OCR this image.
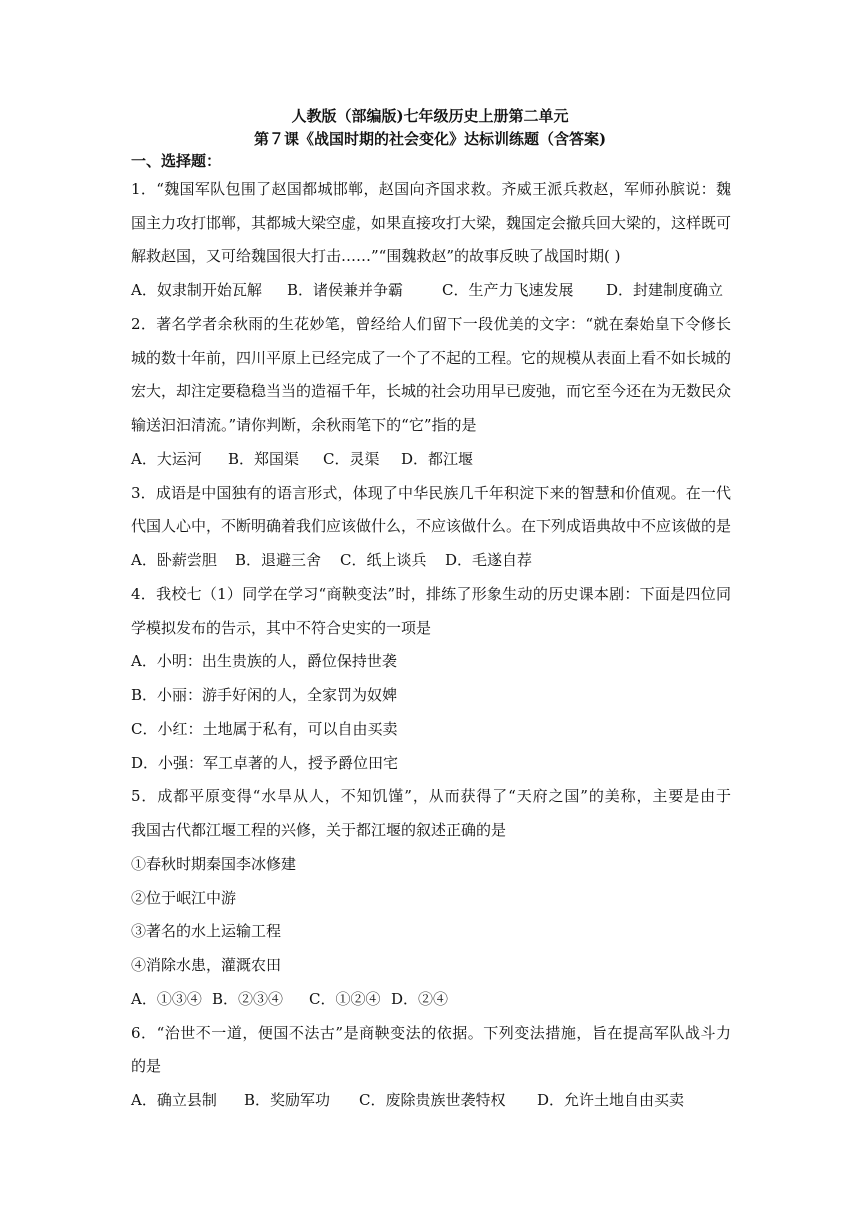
人教版（部编版)七年级历史上册第二单元
第７课《战国时期的社会变化》达标训练题（含答案)
一、选择题：
1．“魏国军队包围了赵国都城邯郸，赵国向齐国求救。齐威王派兵救赵，军师孙膑说：魏
国主力攻打邯郸，其都城大梁空虚，如果直接攻打大梁，魏国定会撤兵回大梁的，这样既可
解救赵国，又可给魏国很大打击……”“围魏救赵”的故事反映了战国时期( )
A．奴隶制开始瓦解 B．诸侯兼并争霸	C．生产力飞速发展 D．封建制度确立
2．著名学者余秋雨的生花妙笔，曾经给人们留下一段优美的文字：“就在秦始皇下令修长
城的数十年前，四川平原上已经完成了一个了不起的工程。它的规模从表面上看不如长城的
宏大，却注定要稳稳当当的造福千年，长城的社会功用早已废弛，而它至今还在为无数民众
输送汩汩清流。”请你判断，余秋雨笔下的“它”指的是
A．大运河 B．郑国渠 C．灵渠 D．都江堰
3．成语是中国独有的语言形式，体现了中华民族几千年积淀下来的智慧和价值观。在一代
代国人心中，不断明确着我们应该做什么，不应该做什么。在下列成语典故中不应该做的是
A．卧薪尝胆 B．退避三舍 C．纸上谈兵 D．毛遂自荐
4．我校七（1）同学在学习“商鞅变法”时，排练了形象生动的历史课本剧：下面是四位同
学模拟发布的告示，其中不符合史实的一项是
A．小明：出生贵族的人，爵位保持世袭
B．小丽：游手好闲的人，全家罚为奴婢
C．小红：土地属于私有，可以自由买卖
D．小强：军工卓著的人，授予爵位田宅
5．成都平原变得“水旱从人，不知饥馑”，从而获得了“天府之国”的美称，主要是由于
我国古代都江堰工程的兴修，关于都江堰的叙述正确的是
①春秋时期秦国李冰修建
②位于岷江中游
③著名的水上运输工程
④消除水患，灌溉农田
A．①③④ B．②③④ C．①②④ D．②④
6．“治世不一道，便国不法古”是商鞅变法的依据。下列变法措施，旨在提高军队战斗力
的是
A．确立县制 B．奖励军功 C．废除贵族世袭特权 D．允许土地自由买卖
